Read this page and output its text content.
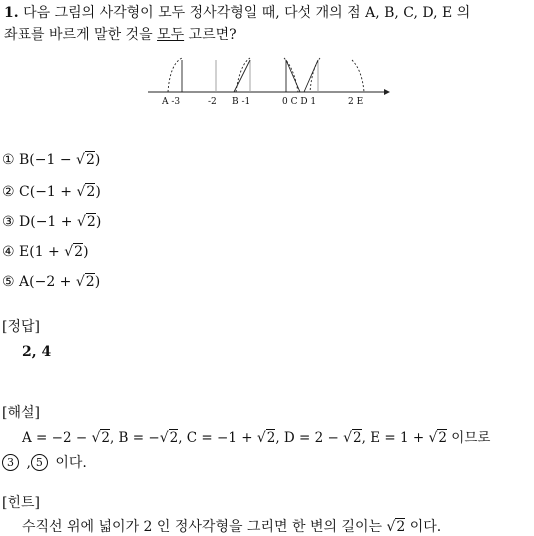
1. 다음 그림의 사각형이 모두 정사각형일 때, 다섯 개의 점 A, B, C, D, E 의
좌표를 바르게 말한 것을 모두 고르면?
A -3	-2 B -1	0 C D 1	2 E
① B(−1 − √2)
② C(−1 + √2)
③ D(−1 + √2)
④ E(1 + √2)
⑤ A(−2 + √2)
[정답]
2, 4
[해설]
A = −2 − √2, B = −√2, C = −1 + √2, D = 2 − √2, E = 1 + √2 이므로
3 , 5 이다.
[힌트]
수직선 위에 넓이가 2 인 정사각형을 그리면 한 변의 길이는 √2 이다.
